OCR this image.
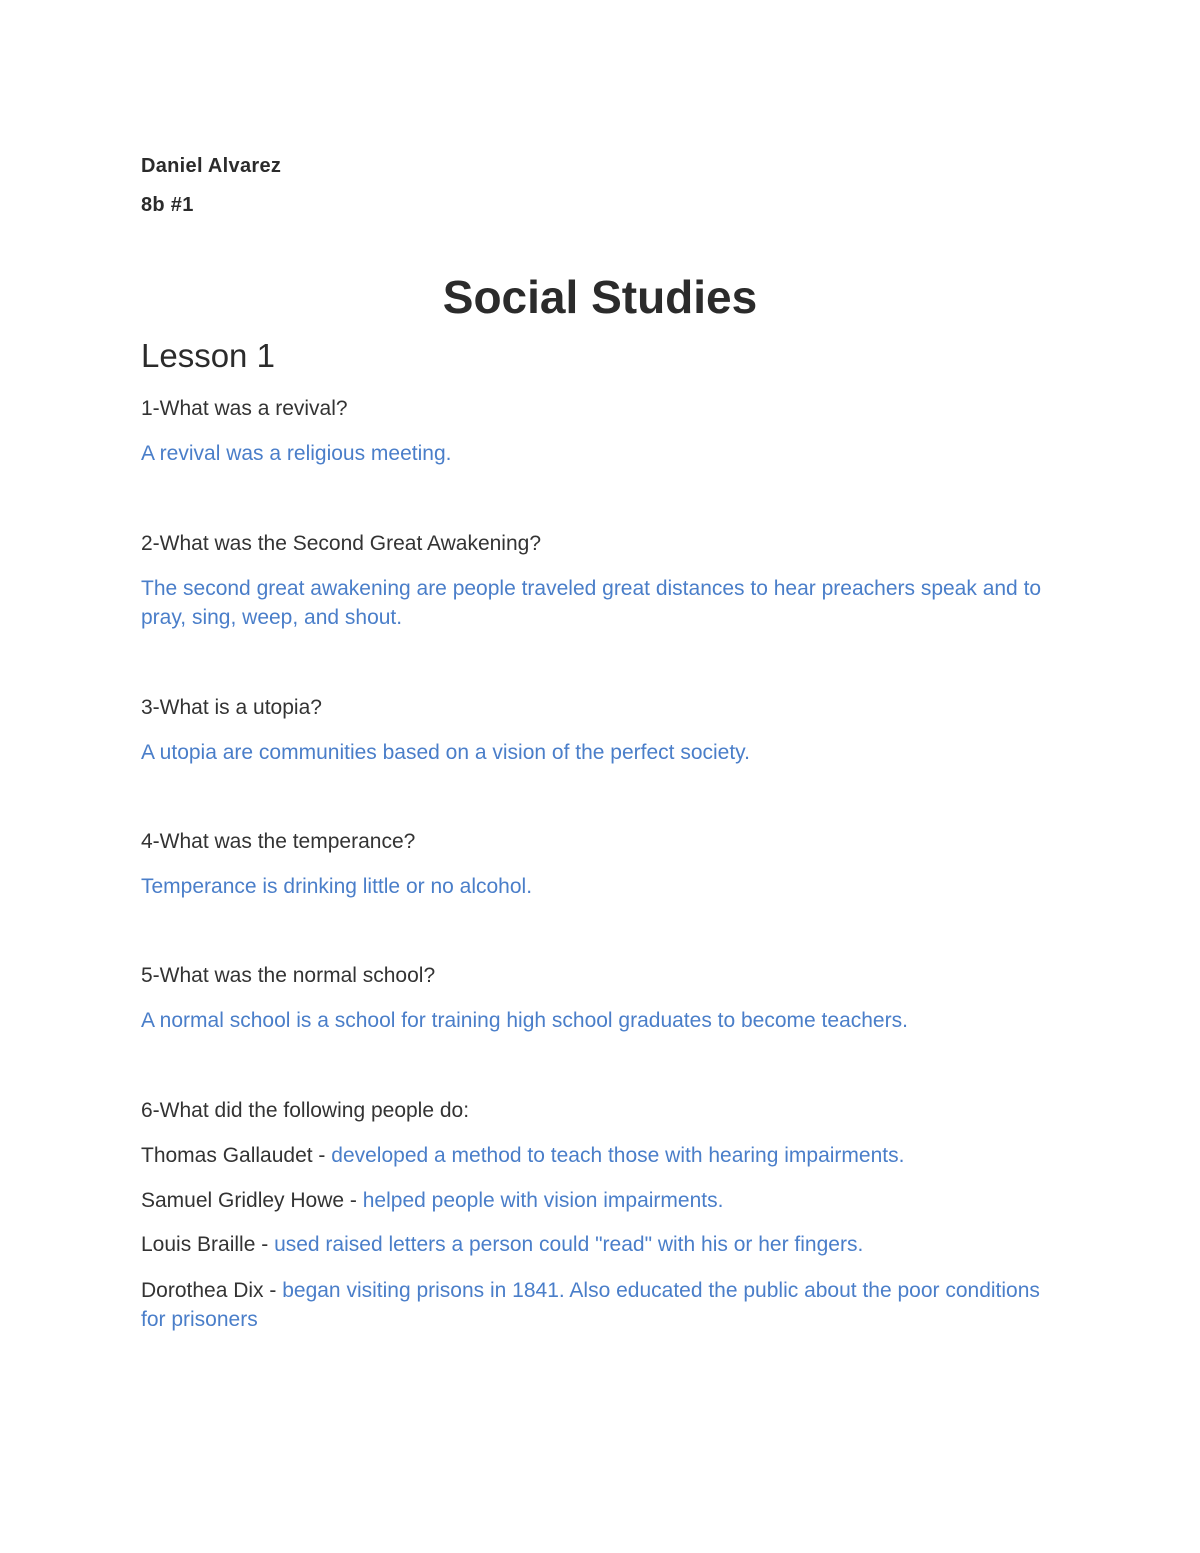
Daniel Alvarez
8b #1
Social Studies
Lesson 1
1-What was a revival?
A revival was a religious meeting.
2-What was the Second Great Awakening?
The second great awakening are people traveled great distances to hear preachers speak and to pray, sing, weep, and shout.
3-What is a utopia?
A utopia are communities based on a vision of the perfect society.
4-What was the temperance?
Temperance is drinking little or no alcohol.
5-What was the normal school?
A normal school is a school for training high school graduates to become teachers.
6-What did the following people do:
Thomas Gallaudet - developed a method to teach those with hearing impairments.
Samuel Gridley Howe - helped people with vision impairments.
Louis Braille - used raised letters a person could "read" with his or her fingers.
Dorothea Dix - began visiting prisons in 1841. Also educated the public about the poor conditions for prisoners
